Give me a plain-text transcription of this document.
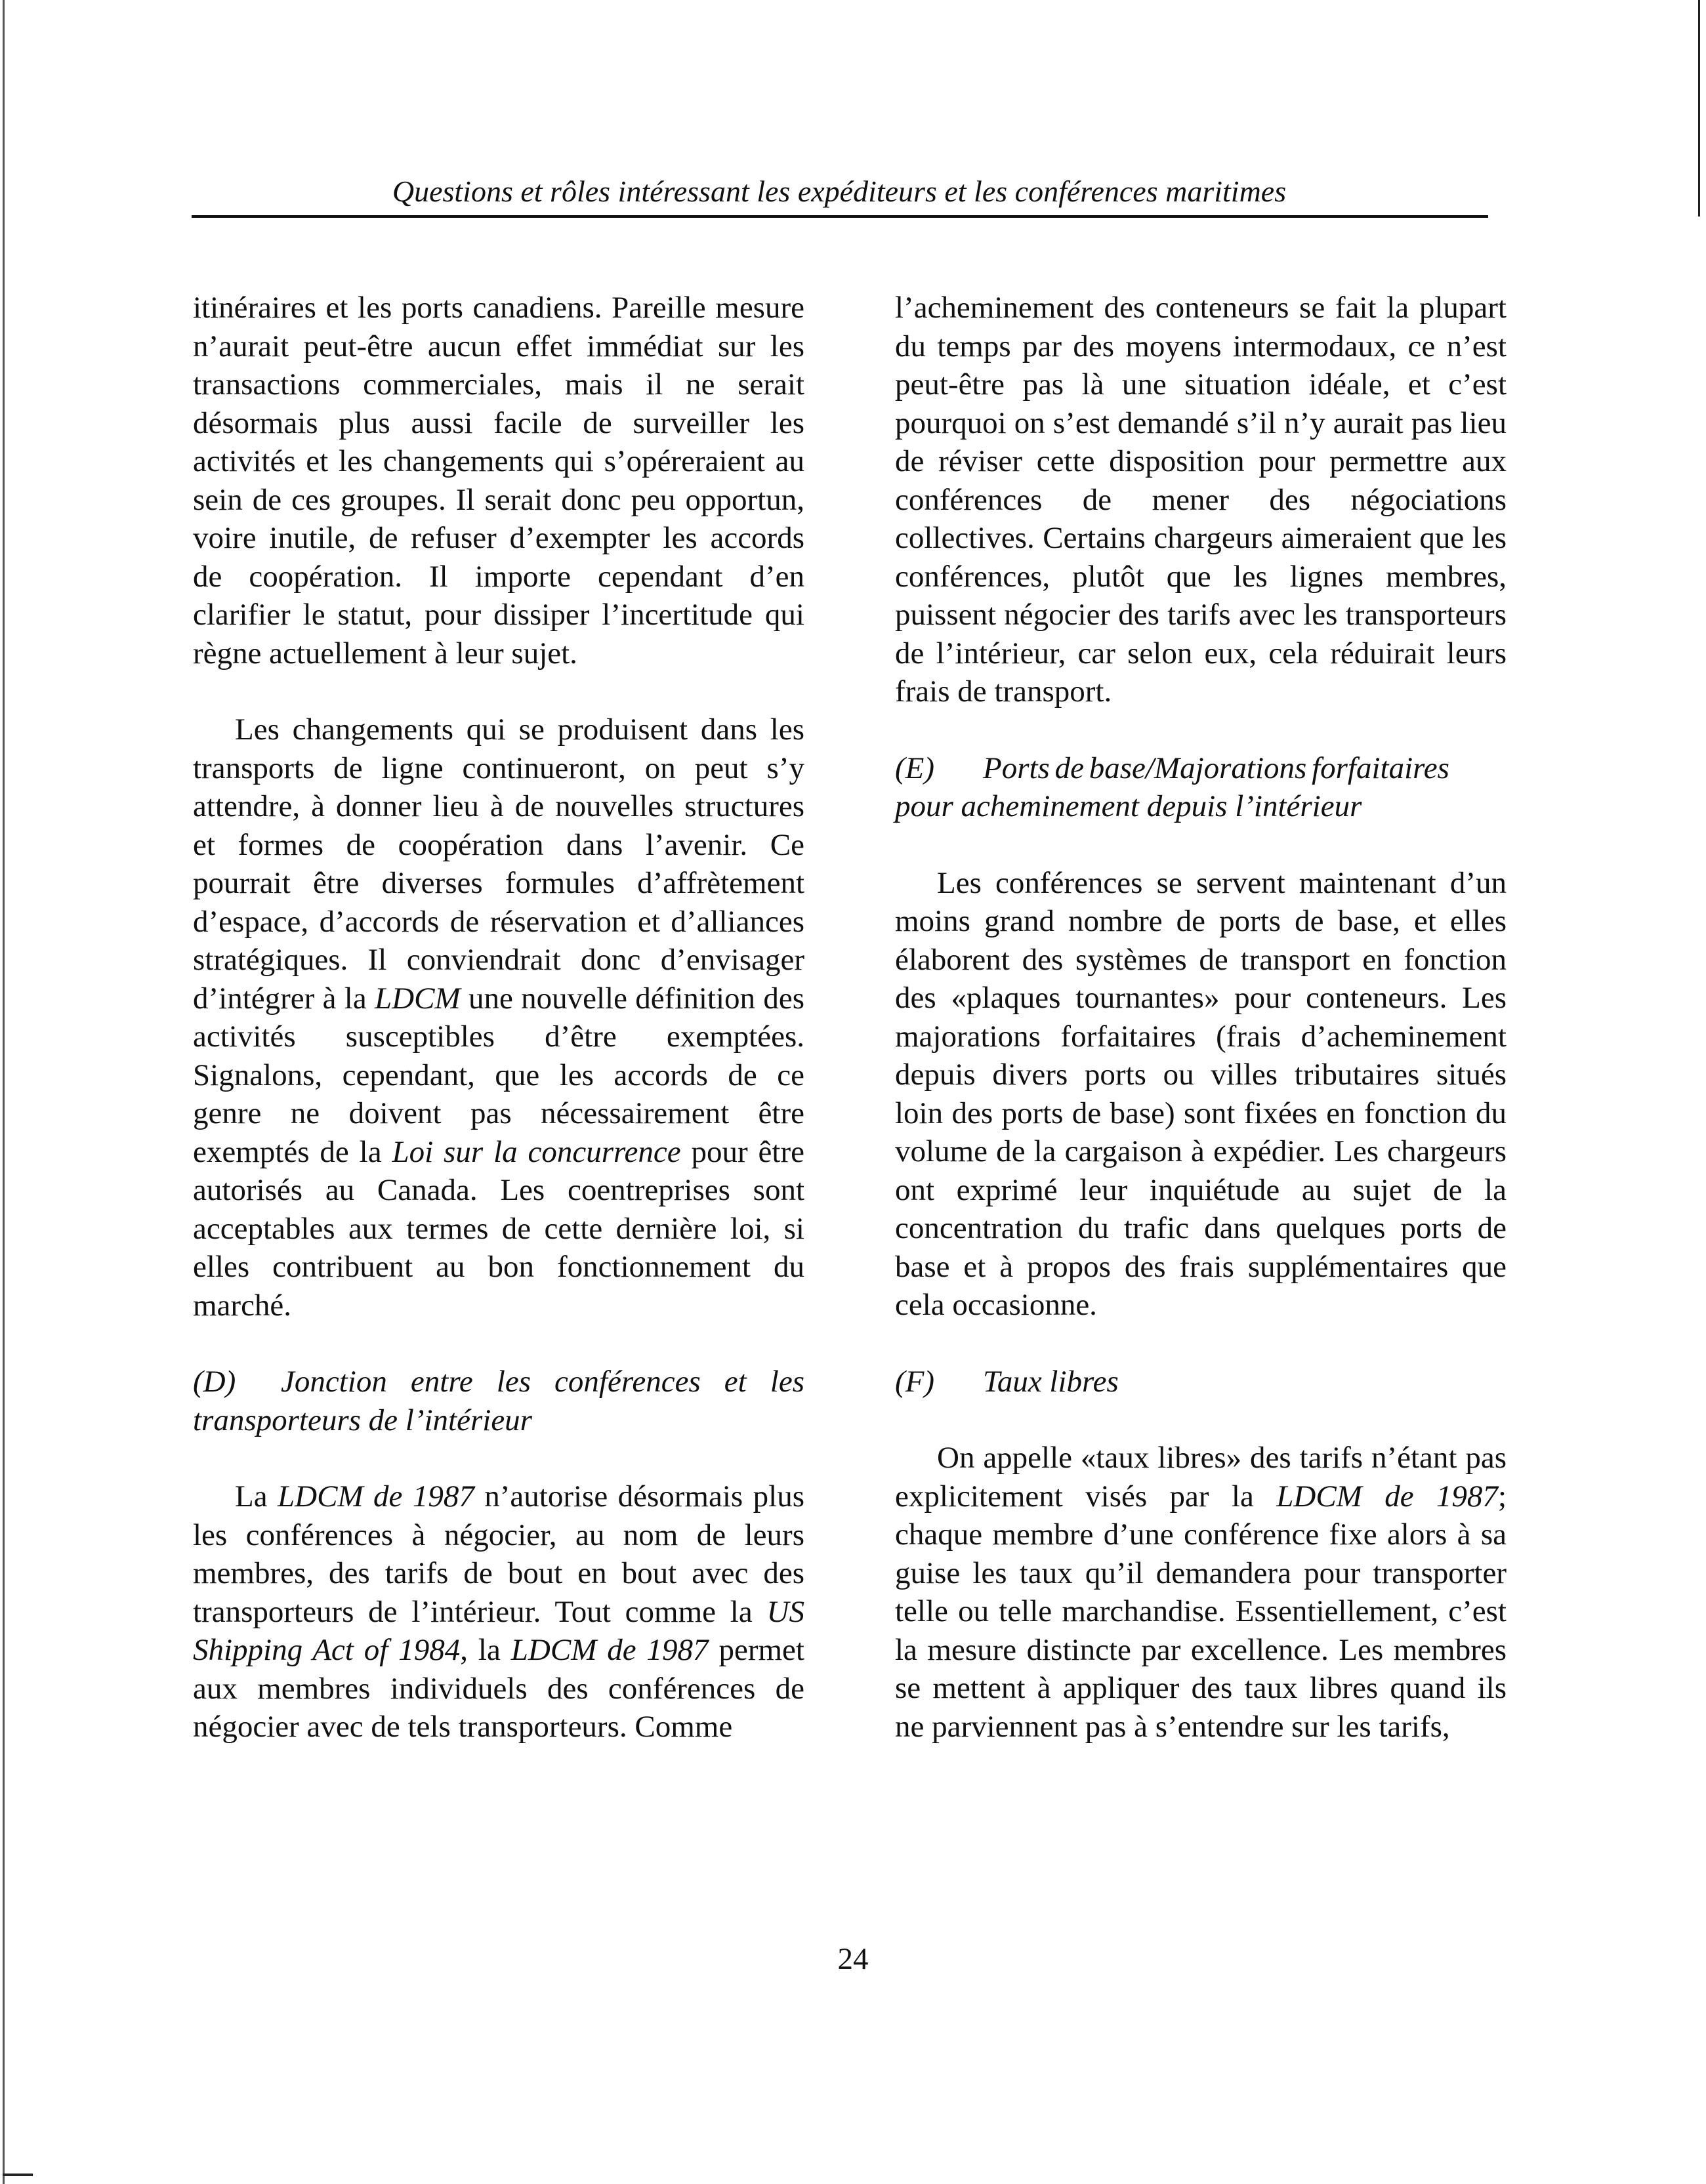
Questions et rôles intéressant les expéditeurs et les conférences maritimes

itinéraires et les ports canadiens. Pareille mesure n’aurait peut-être aucun effet immédiat sur les transactions commerciales, mais il ne serait désormais plus aussi facile de surveiller les activités et les changements qui s’opéreraient au sein de ces groupes. Il serait donc peu opportun, voire inutile, de refuser d’exempter les accords de coopération. Il importe cependant d’en clarifier le statut, pour dissiper l’incertitude qui règne actuellement à leur sujet.

Les changements qui se produisent dans les transports de ligne continueront, on peut s’y attendre, à donner lieu à de nouvelles structures et formes de coopération dans l’avenir. Ce pourrait être diverses formules d’affrètement d’espace, d’accords de réservation et d’alliances stratégiques. Il conviendrait donc d’envisager d’intégrer à la LDCM une nouvelle définition des activités susceptibles d’être exemptées. Signalons, cependant, que les accords de ce genre ne doivent pas nécessairement être exemptés de la Loi sur la concurrence pour être autorisés au Canada. Les coentreprises sont acceptables aux termes de cette dernière loi, si elles contribuent au bon fonctionnement du marché.

(D) Jonction entre les conférences et les transporteurs de l’intérieur

La LDCM de 1987 n’autorise désormais plus les conférences à négocier, au nom de leurs membres, des tarifs de bout en bout avec des transporteurs de l’intérieur. Tout comme la US Shipping Act of 1984, la LDCM de 1987 permet aux membres individuels des conférences de négocier avec de tels transporteurs. Comme

l’acheminement des conteneurs se fait la plupart du temps par des moyens intermodaux, ce n’est peut-être pas là une situation idéale, et c’est pourquoi on s’est demandé s’il n’y aurait pas lieu de réviser cette disposition pour permettre aux conférences de mener des négociations collectives. Certains chargeurs aimeraient que les conférences, plutôt que les lignes membres, puissent négocier des tarifs avec les transporteurs de l’intérieur, car selon eux, cela réduirait leurs frais de transport.

(E) Ports de base/Majorations forfaitaires
pour acheminement depuis l’intérieur

Les conférences se servent maintenant d’un moins grand nombre de ports de base, et elles élaborent des systèmes de transport en fonction des «plaques tournantes» pour conteneurs. Les majorations forfaitaires (frais d’acheminement depuis divers ports ou villes tributaires situés loin des ports de base) sont fixées en fonction du volume de la cargaison à expédier. Les chargeurs ont exprimé leur inquiétude au sujet de la concentration du trafic dans quelques ports de base et à propos des frais supplémentaires que cela occasionne.

(F) Taux libres

On appelle «taux libres» des tarifs n’étant pas explicitement visés par la LDCM de 1987; chaque membre d’une conférence fixe alors à sa guise les taux qu’il demandera pour transporter telle ou telle marchandise. Essentiellement, c’est la mesure distincte par excellence. Les membres se mettent à appliquer des taux libres quand ils ne parviennent pas à s’entendre sur les tarifs,

24
